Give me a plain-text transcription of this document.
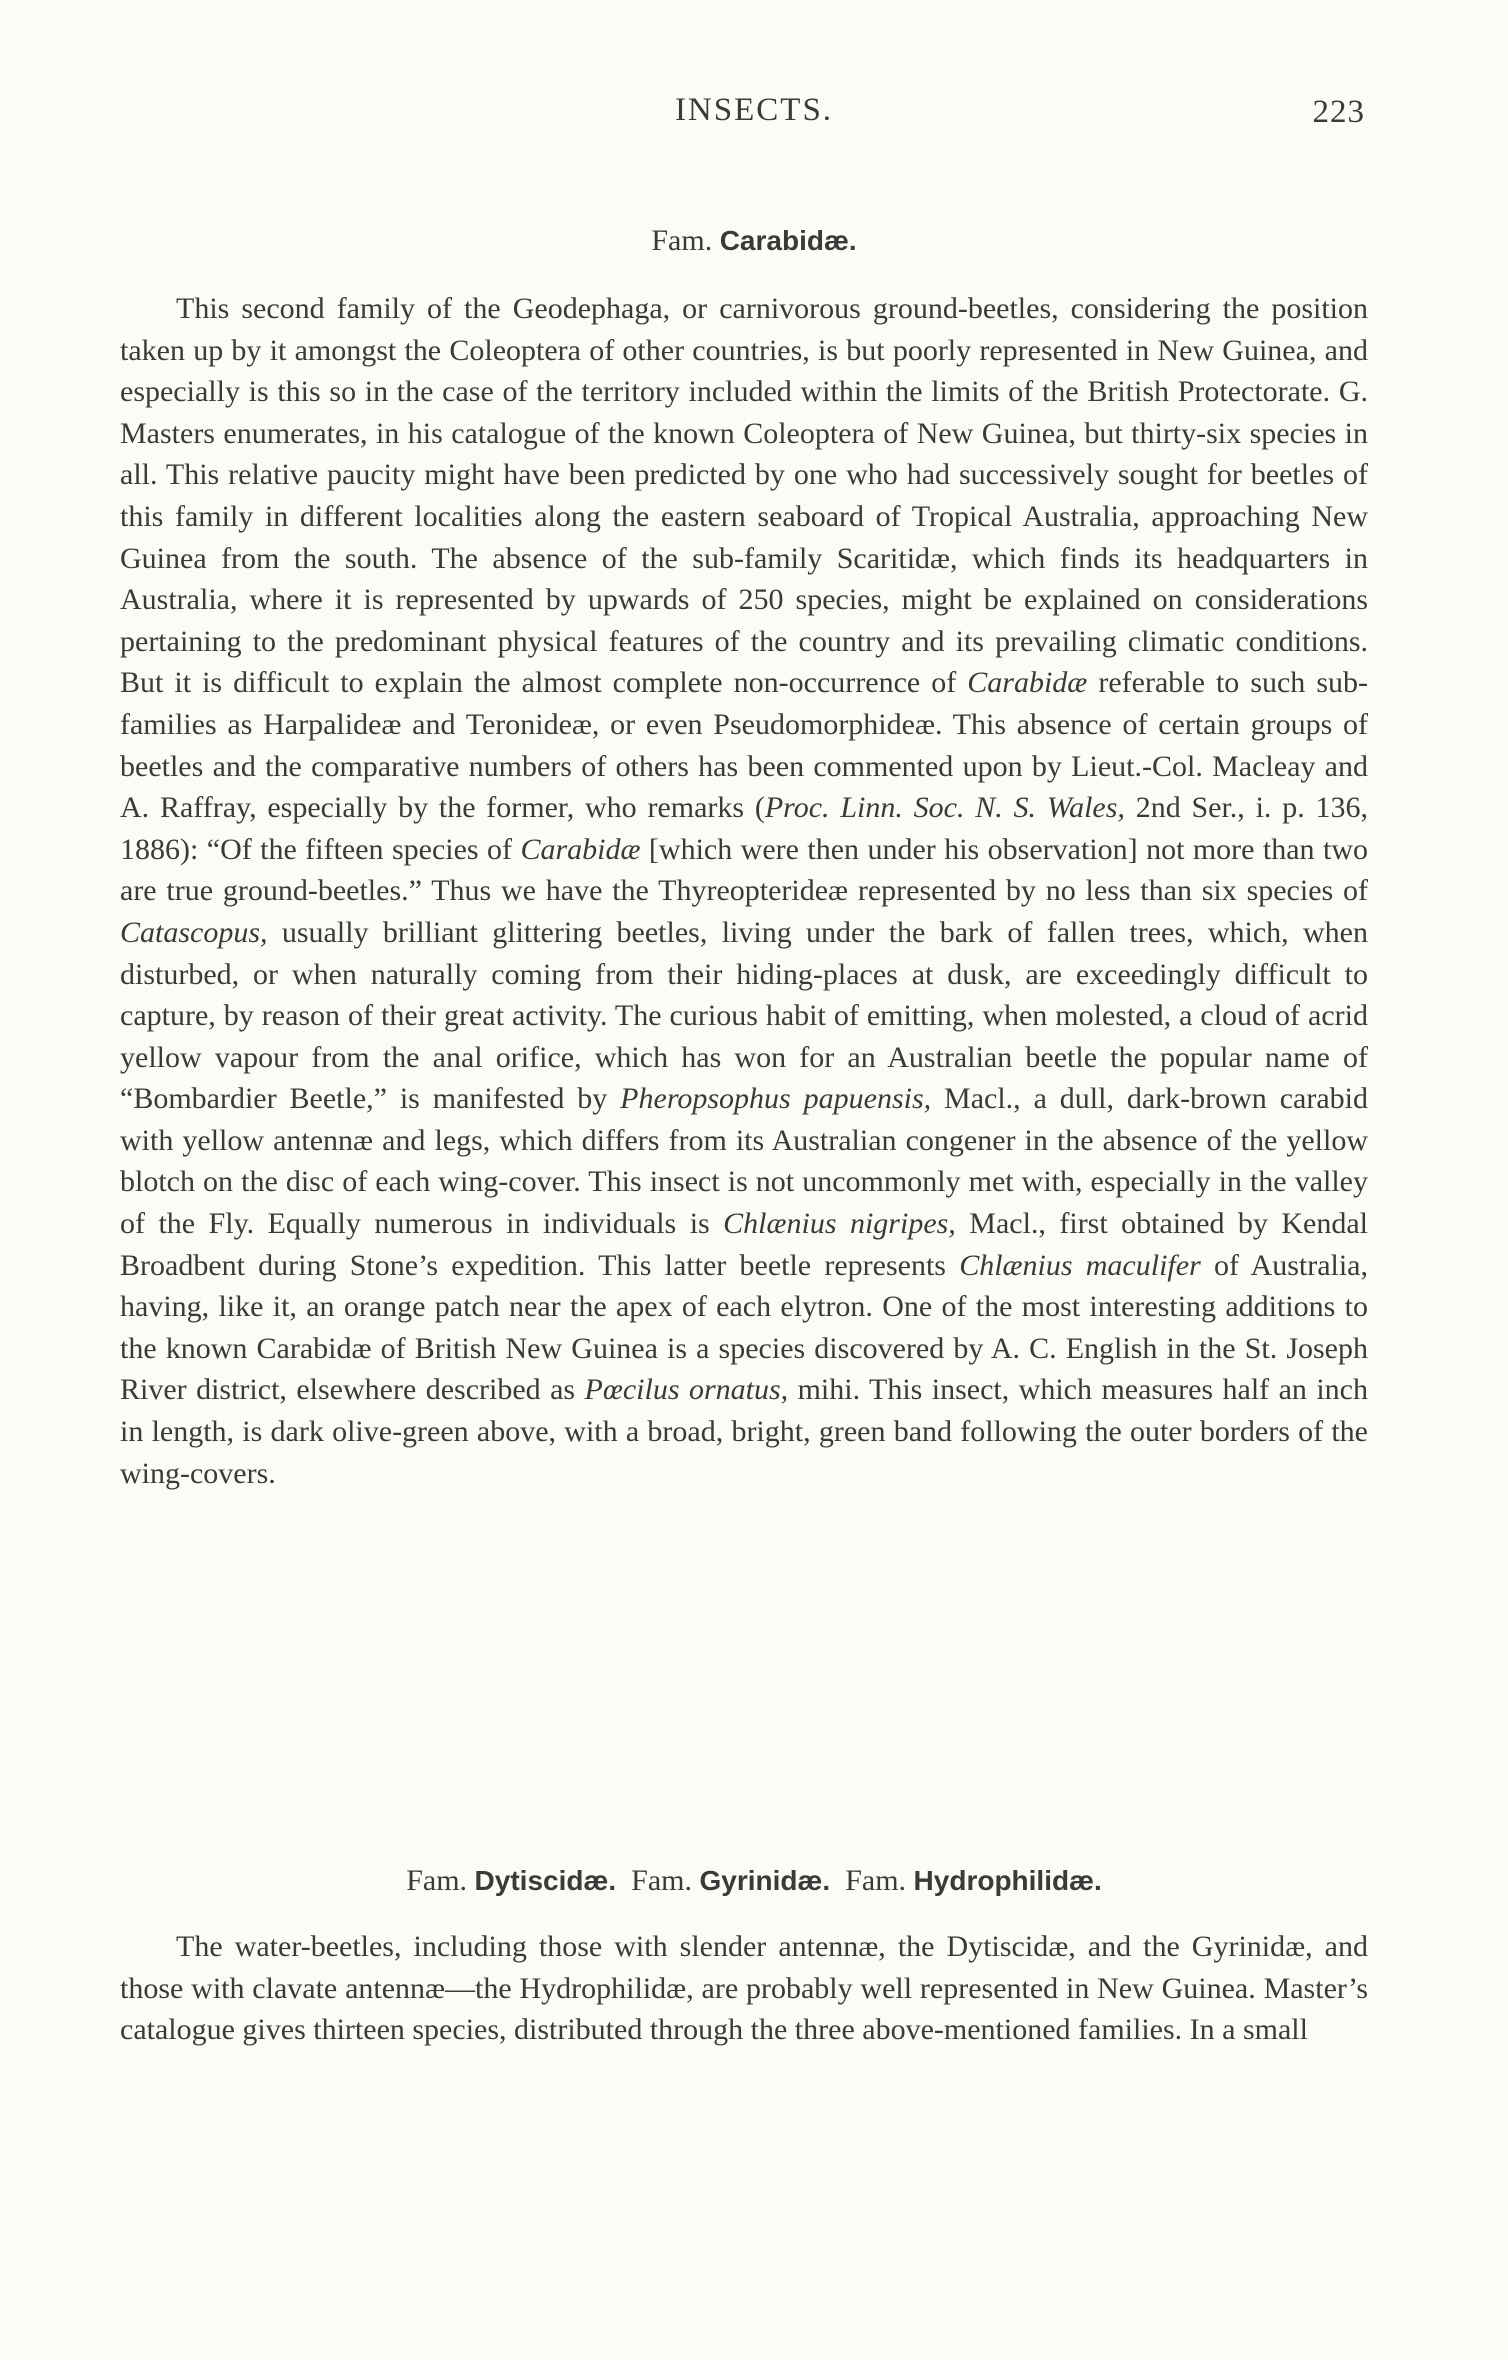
INSECTS.	223
Fam. Carabidæ.

This second family of the Geodephaga, or carnivorous ground-beetles, considering the position taken up by it amongst the Coleoptera of other countries, is but poorly represented in New Guinea, and especially is this so in the case of the territory included within the limits of the British Protectorate. G. Masters enumerates, in his catalogue of the known Coleoptera of New Guinea, but thirty-six species in all. This relative paucity might have been predicted by one who had successively sought for beetles of this family in different localities along the eastern seaboard of Tropical Australia, approaching New Guinea from the south. The absence of the sub-family Scaritidæ, which finds its headquarters in Australia, where it is represented by upwards of 250 species, might be explained on considerations pertaining to the predominant physical features of the country and its prevailing climatic conditions. But it is difficult to explain the almost complete non-occurrence of Carabidæ referable to such sub-families as Harpalideæ and Teronideæ, or even Pseudomorphideæ. This absence of certain groups of beetles and the comparative numbers of others has been commented upon by Lieut.-Col. Macleay and A. Raffray, especially by the former, who remarks (Proc. Linn. Soc. N. S. Wales, 2nd Ser., i. p. 136, 1886): “Of the fifteen species of Carabidæ [which were then under his observation] not more than two are true ground-beetles.” Thus we have the Thyreopterideæ represented by no less than six species of Catascopus, usually brilliant glittering beetles, living under the bark of fallen trees, which, when disturbed, or when naturally coming from their hiding-places at dusk, are exceedingly difficult to capture, by reason of their great activity. The curious habit of emitting, when molested, a cloud of acrid yellow vapour from the anal orifice, which has won for an Australian beetle the popular name of “Bombardier Beetle,” is manifested by Pheropsophus papuensis, Macl., a dull, dark-brown carabid with yellow antennæ and legs, which differs from its Australian congener in the absence of the yellow blotch on the disc of each wing-cover. This insect is not uncommonly met with, especially in the valley of the Fly. Equally numerous in individuals is Chlænius nigripes, Macl., first obtained by Kendal Broadbent during Stone’s expedition. This latter beetle represents Chlænius maculifer of Australia, having, like it, an orange patch near the apex of each elytron. One of the most interesting additions to the known Carabidæ of British New Guinea is a species discovered by A. C. English in the St. Joseph River district, elsewhere described as Pœcilus ornatus, mihi. This insect, which measures half an inch in length, is dark olive-green above, with a broad, bright, green band following the outer borders of the wing-covers.

Fam. Dytiscidæ. Fam. Gyrinidæ. Fam. Hydrophilidæ.

The water-beetles, including those with slender antennæ, the Dytiscidæ, and the Gyrinidæ, and those with clavate antennæ—the Hydrophilidæ, are probably well represented in New Guinea. Master’s catalogue gives thirteen species, distributed through the three above-mentioned families. In a small
